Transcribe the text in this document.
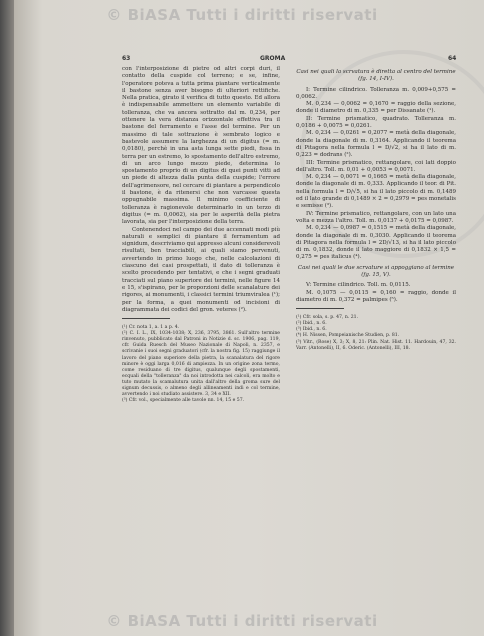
© BiASA Tutti i diritti riservati
© BiASA Tutti i diritti riservati
63	GROMA	64

con l'interposizione di pietre od altri corpi duri, il contatto della cuspide col terreno; e se, infine, l'operatore poteva a tutta prima piantare verticalmente il bastone senza aver bisogno di ulteriori rettifiche. Nella pratica, girato il verifica di tutto questo. Ed allora è indispensabile ammettere un elemento variabile di tolleranza, che va ancora sottratto dal m. 0,234, per ottenere la vera distanza orizzontale effettiva tra il bastone del ferramento e l'asse del termine. Per un massimo di tale sottrazione è sembrato logico e bastevole assumere la larghezza di un digitus (= m. 0,0180), perchè in una asta lunga sette piedi, fissa in terra per un estremo, lo spostamento dell'altro estremo, di un arco lungo mezzo piede, determina lo spostamento proprio di un digitus di quei punti vitti ad un piede di altezza dalla punta della cuspide; l'errore dell'agrimensore, nel cercare di piantare a perpendicolo il bastone, è da ritenersi che non varcasse questa oppugnabile massima. Il minimo coefficiente di tolleranza è ragionevole determinarlo in un terzo di digitus (= m. 0,0062), sia per le asperità della pietra lavorata, sia per l'interposizione della terra.

Contenendoci nel campo dei due accennati modi più naturali e semplici di piantare il ferramentum ad signidum, descriviamo qui appresso alcuni considerevoli risultati, ben tracciabili, ai quali siamo pervenuti, avvertendo in primo luogo che, nelle calcolazioni di ciascuno dei casi prospettati, il dato di tolleranza è scelto procedendo per tentativi, e che i segni graduati tracciati sul piano superiore dei termini, nelle figure 14 e 15, s'ispirano, per le proporzioni delle scanalature dei rigores, ai monumenti, i classici termini triumviralea (¹); per la forma, a quei monumenti od incisioni di diagrammata dei codici del gron. veteres (²).

(¹) Cr. nota 1, a. 1 a p. 4.

(²) C. I. L., IX, 1034-1038; X, 236, 3795, 3861. Sull'altro termine rinvenuto, pubblicato dal Patroni in Notizie d. sc. 1906, pag. 119, cfr. Guida Ruesch del Museo Nazionale di Napoli, n. 2357, e scrivanie i suoi segni graduatori (cfr. la nostra fig. 15) raggiunge il lavoro del piano superiore della pietra, la scanalatura del rigore minore è oggi larga 0,016 di ampiezza. In un origine zona termo, come residuano di tre digitus, qualunque degli spostamenti, ecquali della "tolleranza" da noi introdotta nei calcoli, era molto e tuto mutato la scamalutura unita dall'altro della groma sure del signum decussis, o almeno degli allineamenti indi e col termine, avvertendo i noi studiato assistere. 3, 34 e XII.

(³) Cfr. vol., specialmente alle tavole nn. 14, 15 e 57.

Casi nei quali la scrvatura è diretta al centro del termine (fg. 14, I-IV).

I: Termine cilindrico. Tolleranza m. 0,009+0,575 = 0,0062.

M. 0,234 — 0,0062 = 0,1670 = raggio della sezione, donde il diametro di m. 0,335 = per Dissanate (¹).

II: Termine prismatico, quadrato. Tolleranza m. 0,0186 + 0,0075 = 0,0261.

M. 0,234 — 0,0261 = 0,2077 = metà della diagonale, donde la diagonale di m. 0,3164. Applicando il teorema di Pitagora nella formula l = D/√2, si ha il lato di m. 0,223 = dodrans (²).

III: Termine prismatico, rettangolare, coi lati doppio dell'altro. Toll. m. 0,01 + 0,0053 = 0,0071.

M. 0,234 — 0,0071 = 0,1665 = metà della diagonale, donde la diagonale di m. 0,333. Applicando il teor. di Pit. nella formula l = D/√5, si ha il lato piccolo di m. 0,1489 ed il lato grande di 0,1489 × 2 = 0,2979 = pes monetalis e semisse (³).

IV: Termine prismatico, rettangolare, con un lato una volta e mezza l'altro. Toll. m. 0,0137 + 0,0175 = 0,0987.

M. 0,234 — 0,0987 = 0,1515 = metà della diagonale, donde la diagonale di m. 0,3030. Applicando il teorema di Pitagora nella formula l = 2D/√13, si ha il lato piccolo di m. 0,1832, donde il lato maggiore di 0,1832 × 1,5 = 0,275 = pes italicus (⁴).

Casi nei quali le due scrvature si appoggiano al termine (fg. 15, V).

V: Termine cilindrico. Toll. m. 0,0115.

M. 0,1075 — 0,0115 = 0,160 = raggio, donde il diametro di m. 0,372 = palmipes (⁵).

(¹) Cfr. sola, s. p. 47, n. 21.

(²) Ibid., n. 6.

(³) Ibid., n. 6.

(⁴) H. Nissen, Pompeianische Studien, p. 81.

(⁵) Vitr., (Rose) X, 3; X, 8, 21: Plin. Nat. Hist. 11. Hardouin, 47, 32. Varr. (Antonelli), II, 6. Oderic. (Antonelli), III, 18.
